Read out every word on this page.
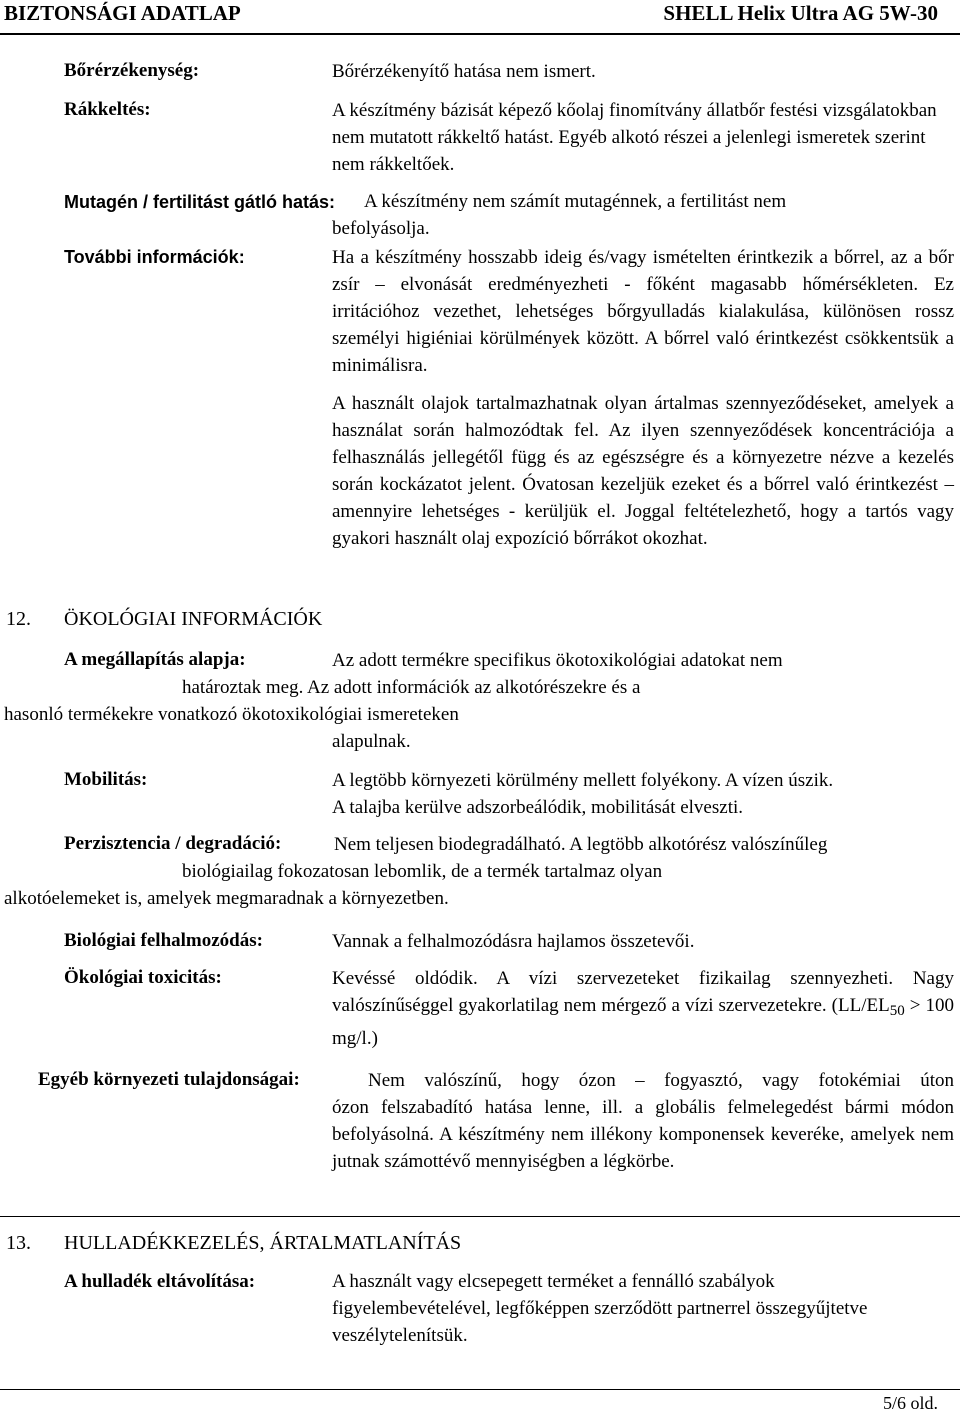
BIZTONSÁGI ADATLAP	SHELL Helix Ultra AG 5W-30
Bőrérzékenység:	Bőrérzékenyítő hatása nem ismert.
Rákkeltés:	A készítmény bázisát képező kőolaj finomítvány állatbőr festési vizsgálatokban nem mutatott rákkeltő hatást. Egyéb alkotó részei a jelenlegi ismeretek szerint nem rákkeltőek.
Mutagén / fertilitást gátló hatás: A készítmény nem számít mutagénnek, a fertilitást nem
befolyásolja.
További információk:	Ha a készítmény hosszabb ideig és/vagy ismételten érintkezik a bőrrel, az a bőr zsír – elvonását eredményezheti - főként magasabb hőmérsékleten. Ez irritációhoz vezethet, lehetséges bőrgyulladás kialakulása, különösen rossz személyi higiéniai körülmények között. A bőrrel való érintkezést csökkentsük a minimálisra.
A használt olajok tartalmazhatnak olyan ártalmas szennyeződéseket, amelyek a használat során halmozódtak fel. Az ilyen szennyeződések koncentrációja a felhasználás jellegétől függ és az egészségre és a környezetre nézve a kezelés során kockázatot jelent. Óvatosan kezeljük ezeket és a bőrrel való érintkezést –amennyire lehetséges - kerüljük el. Joggal feltételezhető, hogy a tartós vagy gyakori használt olaj expozíció bőrrákot okozhat.
12. ÖKOLÓGIAI INFORMÁCIÓK
A megállapítás alapja:	Az adott termékre specifikus ökotoxikológiai adatokat nem
határoztak meg. Az adott információk az alkotórészekre és a
hasonló termékekre vonatkozó ökotoxikológiai ismereteken
alapulnak.
Mobilitás:	A legtöbb környezeti körülmény mellett folyékony. A vízen úszik.
A talajba kerülve adszorbeálódik, mobilitását elveszti.
Perzisztencia / degradáció:	Nem teljesen biodegradálható. A legtöbb alkotórész valószínűleg
biológiailag fokozatosan lebomlik, de a termék tartalmaz olyan
alkotóelemeket is, amelyek megmaradnak a környezetben.
Biológiai felhalmozódás:	Vannak a felhalmozódásra hajlamos összetevői.
Ökológiai toxicitás:	Kevéssé oldódik. A vízi szervezeteket fizikailag szennyezheti. Nagy valószínűséggel gyakorlatilag nem mérgező a vízi szervezetekre. ($LL/EL_{50} > 100$ mg/l.)
Egyéb környezeti tulajdonságai:	Nem valószínű, hogy ózon – fogyasztó, vagy fotokémiai úton
ózon felszabadító hatása lenne, ill. a globális felmelegedést bármi módon befolyásolná. A készítmény nem illékony komponensek keveréke, amelyek nem jutnak számottévő mennyiségben a légkörbe.
13. HULLADÉKKEZELÉS, ÁRTALMATLANÍTÁS
A hulladék eltávolítása:	A használt vagy elcsepegett terméket a fennálló szabályok figyelembevételével, legfőképpen szerződött partnerrel összegyűjtetve veszélytelenítsük.
5/6 old.
